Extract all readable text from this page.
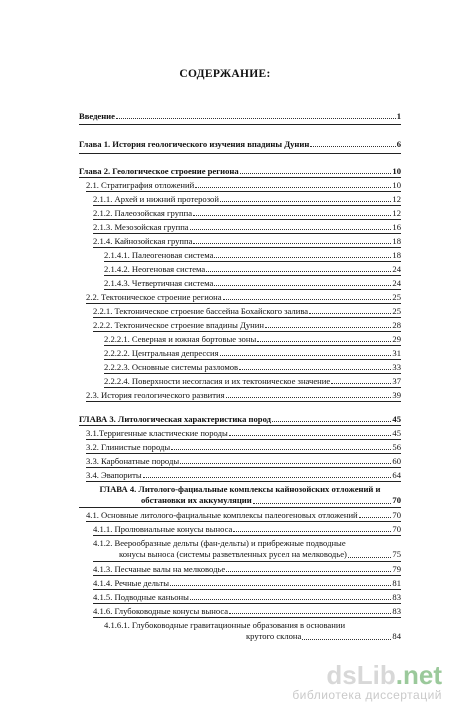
СОДЕРЖАНИЕ:
Введение	1
Глава 1. История геологического изучения впадины Дунин	6
Глава 2. Геологическое строение региона	10
2.1. Стратиграфия отложений	10
2.1.1. Архей и нижний протерозой	12
2.1.2. Палеозойская группа	12
2.1.3. Мезозойская группа	16
2.1.4. Кайнозойская группа	18
2.1.4.1. Палеогеновая система	18
2.1.4.2. Неогеновая система	24
2.1.4.3. Четвертичная система	24
2.2. Тектоническое строение региона	25
2.2.1. Тектоническое строение бассейна Бохайского залива	25
2.2.2. Тектоническое строение впадины Дунин	28
2.2.2.1. Северная и южная бортовые зоны	29
2.2.2.2. Центральная депрессия	31
2.2.2.3. Основные системы разломов	33
2.2.2.4. Поверхности несогласия и их тектоническое значение	37
2.3. История геологического развития	39
ГЛАВА 3. Литологическая характеристика пород	45
3.1.Терригенные кластические породы	45
3.2. Глинистые породы	56
3.3. Карбонатные породы	60
3.4. Эвапориты	64
ГЛАВА 4. Литолого-фациальные комплексы кайнозойских отложений и
обстановки их аккумуляции	70
4.1. Основные литолого-фациальные комплексы палеогеновых отложений	70
4.1.1. Пролювиальные конусы выноса	70
4.1.2. Веерообразные дельты (фан-дельты) и прибрежные подводные
конусы выноса (системы разветвленных русел на мелководье)	75
4.1.3. Песчаные валы на мелководье	79
4.1.4. Речные дельты	81
4.1.5. Подводные каньоны	83
4.1.6. Глубоководные конусы выноса	83
4.1.6.1. Глубоководные гравитационные образования в основании
крутого склона	84
dsLib.net
библиотека диссертаций
